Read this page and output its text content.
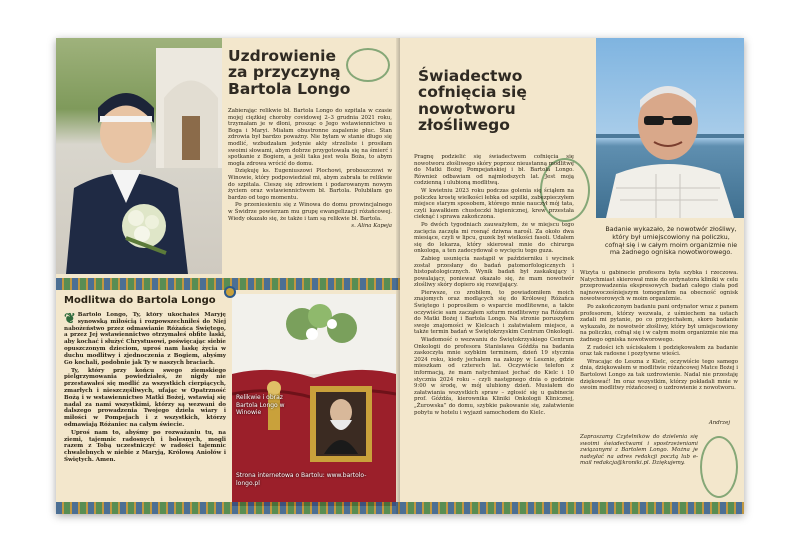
Uzdrowienie
za przyczyną
Bartola Longo

Zabierając relikwie bł. Bartola Longo do szpitala w czasie mojej ciężkiej choroby covidowej 2–3 grudnia 2021 roku, trzymałam je w dłoni, prosząc o Jego wstawiennictwo u Boga i Maryi. Miałam obustronne zapalenie płuc. Stan zdrowia był bardzo poważny. Nie byłam w stanie długo się modlić, wzbudzałam jedynie akty strzeliste i prosiłam swoimi słowami, abym dobrze przygotowała się na śmierć i spotkanie z Bogiem, a jeśli taka jest wola Boża, to abym mogła zdrowa wrócić do domu.

Dziękuję ks. Eugeniuszowi Plochowi, proboszczowi w Winowie, który podpowiedział mi, abym zabrała te relikwie do szpitala. Cieszę się zdrowiem i podarowanym nowym życiem oraz wstawiennictwem bł. Bartola. Polubiłam go bardzo od tego momentu.

Po przeniesieniu się z Winowa do domu prowincjalnego w Świdrze powierzam mu grupę ewangelizacji różańcowej. Wiedy okazało się, że także i tam są relikwie bł. Bartola.

s. Alina Kapeja
Modlitwa do Bartola Longo

❦ Bartolo Longo, Ty, który ukochałeś Maryję synowską miłością i rozpowszechniłeś do Niej nabożeństwo przez odmawianie Różańca Świętego, a przez Jej wstawiennictwo otrzymałeś obfite łaski, aby kochać i służyć Chrystusowi, poświęcając siebie opuszczonym dzieciom, uproś nam łaskę życia w duchu modlitwy i zjednoczenia z Bogiem, abyśmy Go kochali, podobnie jak Ty w naszych braciach.

Ty, który przy końcu swego ziemskiego pielgrzymowania powiedziałeś, że nigdy nie przestawałeś się modlić za wszystkich cierpiących, zmarłych i nieszczęśliwych, ufając w Opatrzność Bożą i w wstawiennictwo Matki Bożej, wstawiaj się nadal za nami wszystkimi, którzy są wezwani do dalszego prowadzenia Twojego dzieła wiary i miłości w Pompejach i z wszystkich, którzy odmawiają Różaniec na całym świecie.

Uproś nam to, abyśmy po rozważaniu tu, na ziemi, tajemnic radosnych i bolesnych, mogli razem z Tobą uczestniczyć w radości tajemnic chwalebnych w niebie z Maryją, Królową Aniołów i Świętych. Amen.

Relikwie i obraz Bartola Longo w Winowie
Strona internetowa o Bartolu: www.bartolo-longo.pl
Świadectwo
cofnięcia się
nowotworu
złośliwego
Badanie wykazało, że nowotwór złośliwy, który był umiejscowiony na policzku, cofnął się i w całym moim organizmie nie ma żadnego ogniska nowotworowego.

Pragnę podzielić się świadectwem cofnięcia się nowotworu złośliwego skóry poprzez nieustanną modlitwę do Matki Bożej Pompejańskiej i bł. Bartola Longo. Również odbawiam od najmłodszych lat. Jest moją codzienną i ulubioną modlitwą.

W kwietniu 2023 roku podczas golenia się ściąłem na policzku krostę wielkości łebka od szpilki, zabezpieczyłem miejsce starym sposobem, którego mnie nauczył mój tata, czyli kawałkiem chusteczki higienicznej, krew przestała cieknąć i sprawa zakończona.

Po dwóch tygodniach zauważyłem, że w miejscu tego zacięcia zaczęła mi rosnąć dziwna narośl. Za około dwa miesiące, czyli w lipcu, guzek był wielkości fasoli. Udałem się do lekarza, który skierował mnie do chirurga onkologa, a ten zadecydował o wycięciu tego guza.

Zabieg usunięcia nastąpił w październiku i wycinek został przesłany do badań patomorfologicznych i histopatologicznych. Wynik badań był zaskakujący i powalający, ponieważ okazało się, że mam nowotwór złośliwy skóry dopiero się rozwijający.

Pierwsze, co zrobiłem, to powiadomiłem moich znajomych oraz modlących się do Królowej Różańca Świętego i poprosiłem o wsparcie modlitewne, a także oczywiście sam zacząłem szturm modlitewny na Różańcu do Matki Bożej i Bartola Longo. Na stronie poruszyłem swoje znajomości w Kielcach i załatwiałem miejsce, a także termin badań w Świętokrzyskim Centrum Onkologii.

Wiadomość o wezwaniu do Świętokrzyskiego Centrum Onkologii do profesora Stanisława Góźdźa na badania zaskoczyła mnie szybkim terminem, dzień 19 stycznia 2024 roku, kiedy jechałem na zakupy w Lesznie, gdzie mieszkam od czterech lat. Oczywiście telefon z informacją, że mam natychmiast jechać do Kielc i 10 stycznia 2024 roku – czyli następnego dnia o godzinie 9:00 w środę, w mój ulubiony dzień. Musiałem do załatwiania wszystkich spraw – zgłosić się u gabinecie prof. Góźdźa, kierownika Kliniki Onkologii Klinicznej, „Żurowska” do domu, szybkie pakowanie się, załatwienie pobytu w hotelu i wyjazd samochodem do Kielc.

Wizyta u gabinecie profesora była szybka i rzeczowa. Natychmiast skierował mnie do ordynatora kliniki w celu przeprowadzenia ekspresowych badań całego ciała pod najnowocześniejszym tomografem na obecność ognisk nowotworowych w moim organizmie.

Po zakończonym badaniu pani ordynator wraz z panem profesorem, którzy wezwała, z uśmiechem na ustach zadali mi pytanie, po co przyjechałem, skoro badanie wykazało, że nowotwór złośliwy, który był umiejscowiony na policzku, cofnął się i w całym moim organizmie nie ma żadnego ogniska nowotworowego.

Z radości ich uściskałem i podziękowałem za badanie oraz tak radosne i pozytywne wieści.

Wracając do Leszna z Kielc, oczywiście tego samego dnia, dziękowałem w modlitwie różańcowej Matce Bożej i Bartolowi Longo za tak uzdrowienie. Nadal nie przestaję dziękować! Im oraz wszystkim, którzy pokładali mnie w swoim modlitwy różańcowej o uzdrowienie z nowotworu.

Andrzej
Zapraszamy Czytelników do dzielenia się swoimi świadectwami i spostrzeżeniami związanymi z Bartolem Longo. Można je nadsyłać na adres redakcji pocztą lub e-mail redakcja@kroniki.pl. Dziękujemy.
